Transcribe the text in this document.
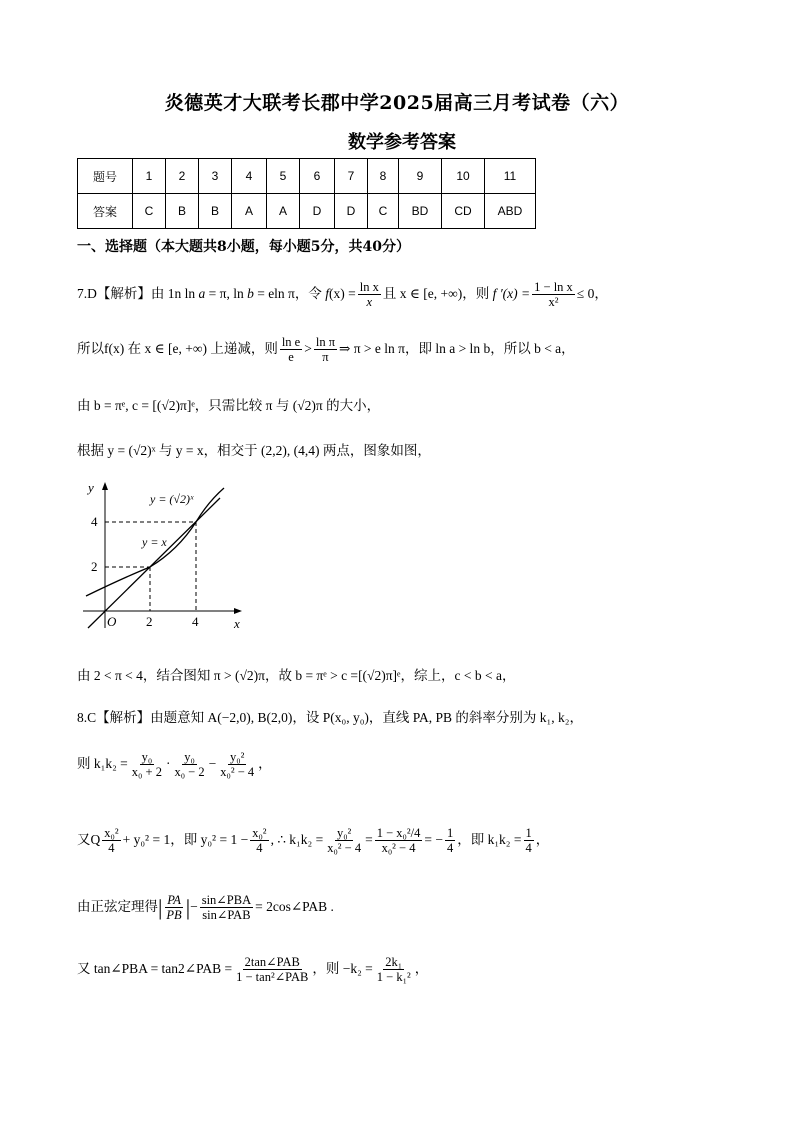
炎德英才大联考长郡中学2025届高三月考试卷（六）
数学参考答案
题号	1	2	3	4	5	6	7	8	9	10	11
答案	C	B	B	A	A	D	D	C	BD	CD	ABD
一、选择题（本大题共8小题，每小题5分，共40分）
7.D【解析】由 1n ln a = π, ln b = eln π，令 $f(x) = \frac{\text{ln x}}{x}$ 且 x ∈ [e, +∞)，则 f $'(x) = \frac{\text{1 − ln x}}{\text{x²}} \le 0$，
所以f(x) 在 x ∈ [e, +∞) 上递减，则 $\frac{\text{ln e}}{e} > \frac{\text{ln π}}{\pi}$ ⇒ π > e ln π，即 ln a > ln b，所以 b < a，
由 b = πᵉ, c = [(√2)π]ᵉ，只需比较 π 与 (√2)π 的大小，
根据 y = (√2)ˣ 与 y = x，相交于 (2,2), (4,4) 两点，图象如图，
y
x
O
4
2
2	4
y = (√2)ˣ
y = x
由 2 < π < 4，结合图知 π > (√2)π，故 b = πᵉ > c =[(√2)π]ᵉ，综上，c < b < a，
8.C【解析】由题意知 A(−2,0), B(2,0)，设 P(x₀, y₀)，直线 PA, PB 的斜率分别为 k₁, k₂，
则 $k_1k_2 = \frac{\text{y₀}}{\text{x₀ + 2}} \cdot \frac{\text{y₀}}{\text{x₀ − 2}} - \frac{\text{y₀²}}{\text{x₀² − 4}}$ ，
又Q $\frac{\text{x₀²}}{4} + y_0^2 = 1$，即 $y_0^2 = 1 - \frac{\text{x₀²}}{4}$ , ∴ $k_1k_2 = \frac{\text{y₀²}}{\text{x₀² − 4}} = \frac{\text{1 − x₀²/4}}{\text{x₀² − 4}}$ = − $\frac{1}{4}$ ，即 $k_1k_2 = \frac{1}{4}$ ，
由正弦定理得| $\frac{PA}{PB}$ |− $\frac{\text{sin∠PBA}}{\text{sin∠PAB}}$ = 2cos∠PAB .
又 tan∠PBA = tan2∠PAB = $\frac{\text{2tan∠PAB}}{\text{1 − tan²∠PAB}}$ ，则 $-k_2 = \frac{\text{2k₁}}{\text{1 − k₁²}}$ ，
